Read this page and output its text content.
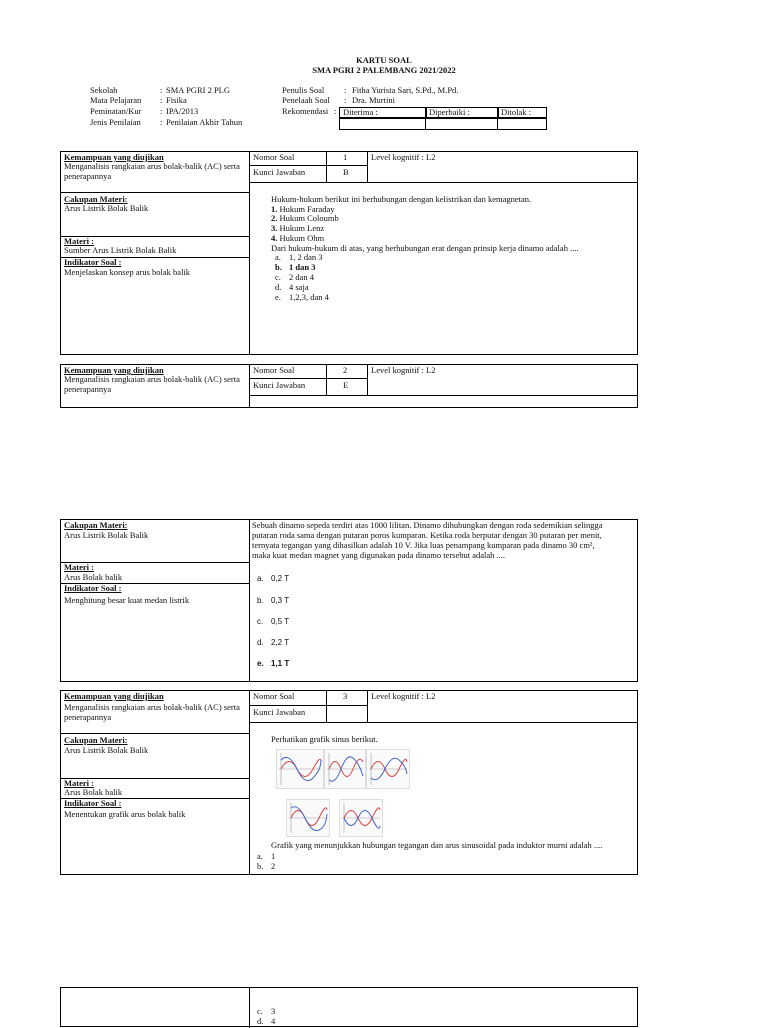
KARTU SOAL
SMA PGRI 2 PALEMBANG 2021/2022
Sekolah	: SMA PGRI 2 PLG
Mata Pelajaran : Fisika
Peminatan/Kur : IPA/2013
Jenis Penilaian : Penilaian Akhir Tahun
Penulis Soal : Fitha Yurista Sari, S.Pd., M.Pd.
Penelaah Soal : Dra. Murtini
Rekomendasi : Diterima :	Diperbaiki :	Ditolak :
Kemampuan yang diujikan
Menganalisis rangkaian arus bolak-balik (AC) serta penerapannya
Cakupan Materi:
Arus Listrik Bolak Balik
Materi :
Sumber Arus Listrik Bolak Balik
Indikator Soal :
Menjelaskan konsep arus bolak balik
Nomor Soal	1	Level kognitif : L2
Kunci Jawaban	B
Hukum-hukum berikut ini berhubungan dengan kelistrikan dan kemagnetan.
1. Hukum Faraday
2. Hukum Coloumb
3. Hukum Lenz
4. Hukum Ohm
Dari hukum-hukum di atas, yang berhubungan erat dengan prinsip kerja dinamo adalah ....
a. 1, 2 dan 3
b. 1 dan 3
c. 2 dan 4
d. 4 saja
e. 1,2,3, dan 4
Kemampuan yang diujikan
Menganalisis rangkaian arus bolak-balik (AC) serta penerapannya
Nomor Soal	2	Level kognitif : L2
Kunci Jawaban	E
Cakupan Materi:
Arus Listrik Bolak Balik
Materi :
Arus Bolak balik
Indikator Soal :
Menghitung besar kuat medan listrik
Sebuah dinamo sepeda terdiri atas 1000 lilitan. Dinamo dihubungkan dengan roda sedemikian selingga
putaran roda sama dengan putaran poros kumparan. Ketika roda berputar dengan 30 putaran per menit,
ternyata tegangan yang dihasilkan adalah 10 V. Jika luas penampang kumparan pada dinamo 30 cm²,
maka kuat medan magnet yang digunakan pada dinamo tersebut adalah ....
a. 0,2 T
b. 0,3 T
c. 0,5 T
d. 2,2 T
e. 1,1 T
Kemampuan yang diujikan
Menganalisis rangkaian arus bolak-balik (AC) serta penerapannya
Cakupan Materi:
Arus Listrik Bolak Balik
Materi :
Arus Bolak balik
Indikator Soal :
Menentukan grafik arus bolak balik
Nomor Soal	3	Level kognitif : L2
Kunci Jawaban
Perhatikan grafik sinus berikut.
Grafik yang menunjukkan hubungan tegangan dan arus sinusoidal pada induktor murni adalah ....
a. 1
b. 2
c. 3
d. 4
